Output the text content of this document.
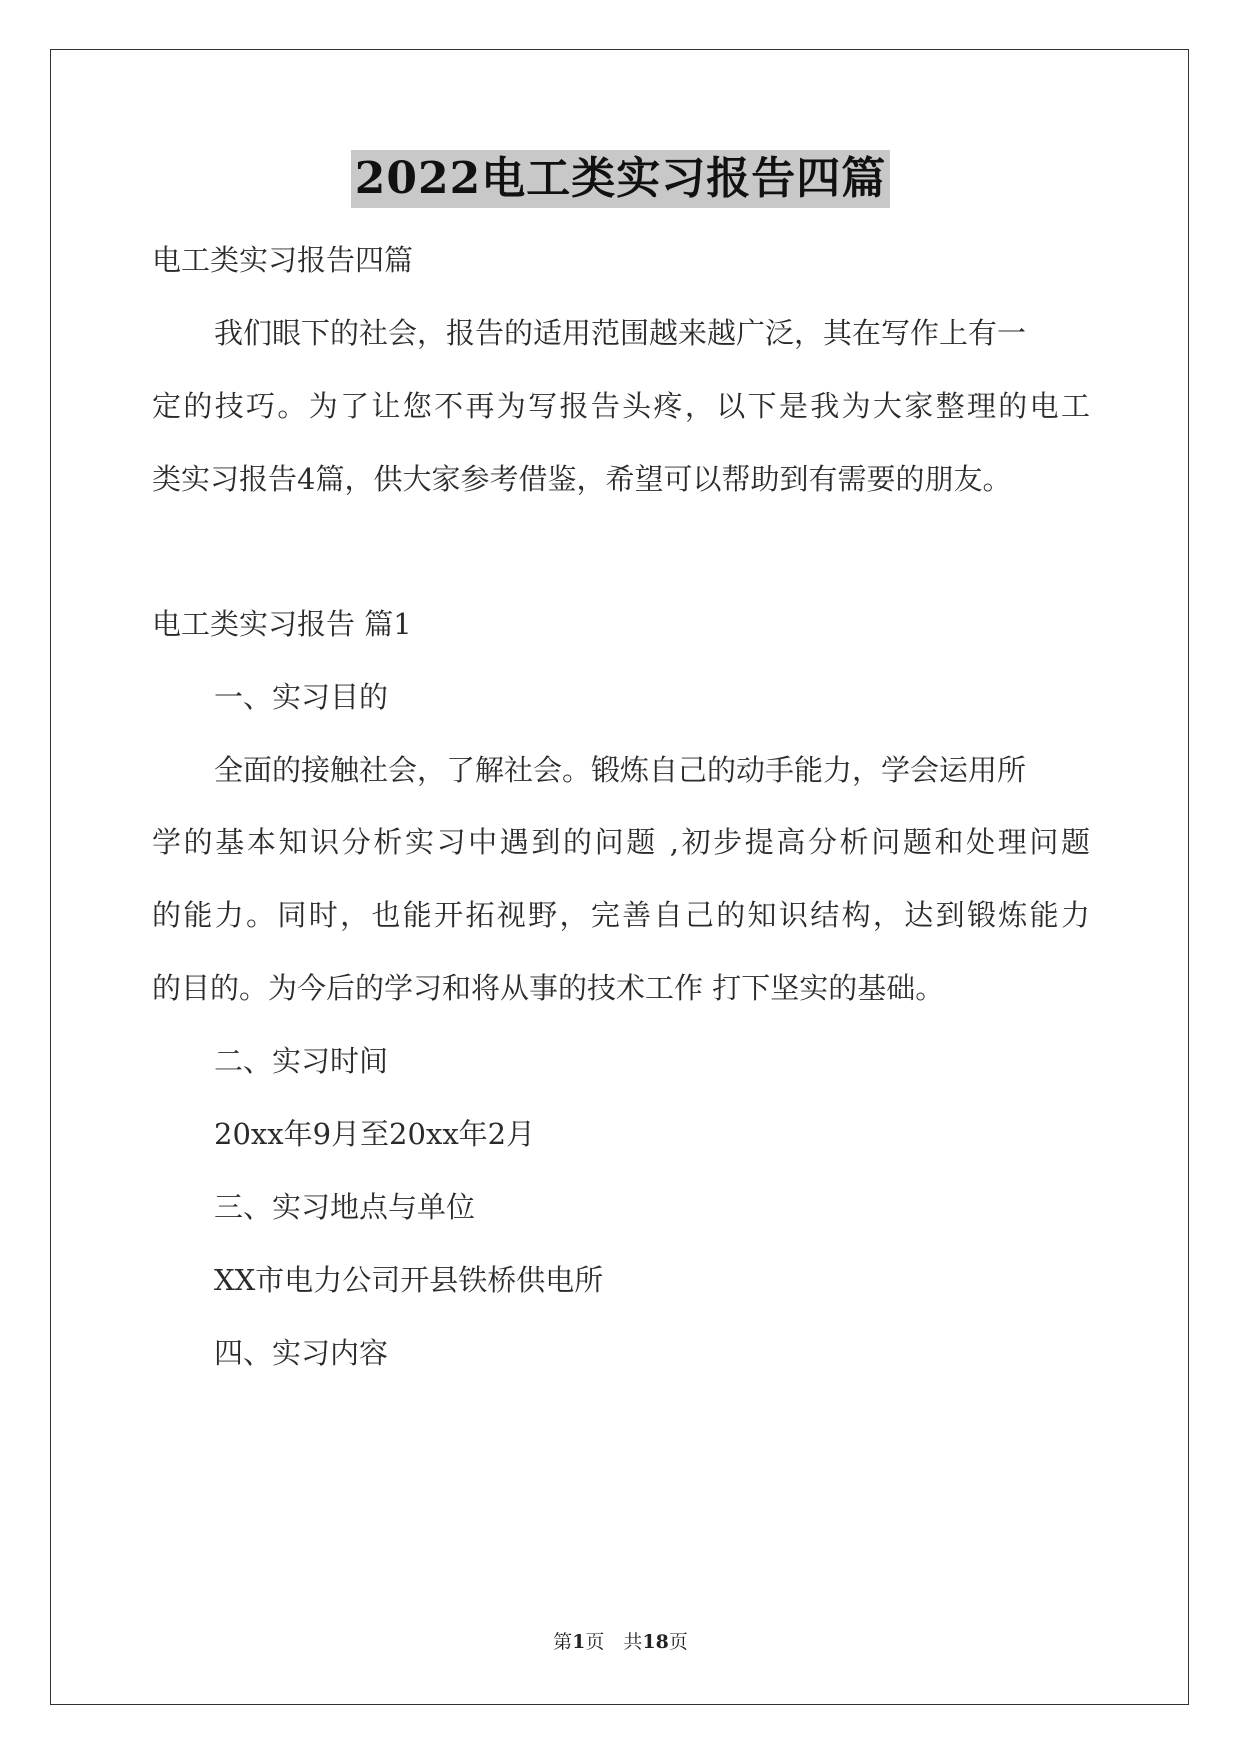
2022电工类实习报告四篇
电工类实习报告四篇
我们眼下的社会，报告的适用范围越来越广泛，其在写作上有一
定的技巧。为了让您不再为写报告头疼，以下是我为大家整理的电工
类实习报告4篇，供大家参考借鉴，希望可以帮助到有需要的朋友。
电工类实习报告 篇1
一、实习目的
全面的接触社会，了解社会。锻炼自己的动手能力，学会运用所
学的基本知识分析实习中遇到的问题 ,初步提高分析问题和处理问题
的能力。同时，也能开拓视野，完善自己的知识结构，达到锻炼能力
的目的。为今后的学习和将从事的技术工作 打下坚实的基础。
二、实习时间
20xx年9月至20xx年2月
三、实习地点与单位
XX市电力公司开县铁桥供电所
四、实习内容
第1页　共18页
